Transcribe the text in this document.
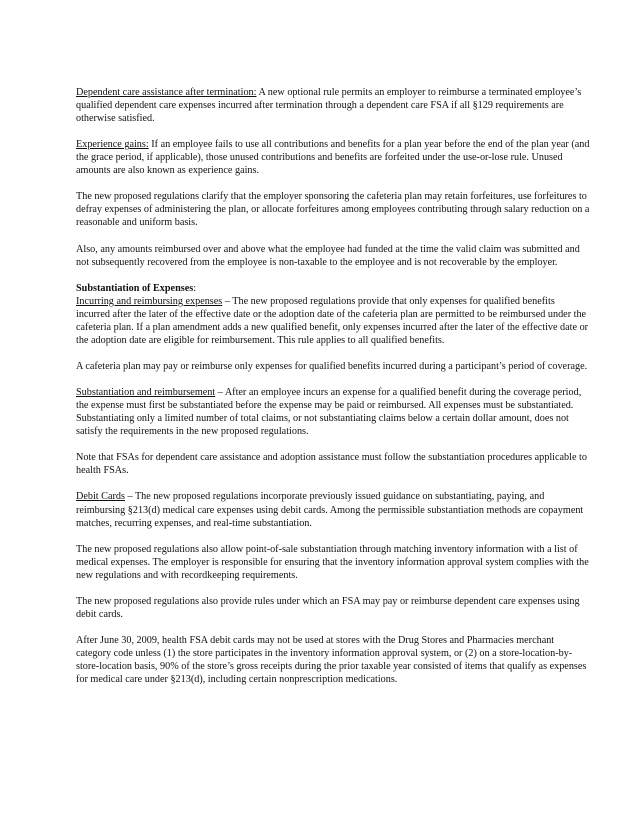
Dependent care assistance after termination: A new optional rule permits an employer to reimburse a terminated employee’s qualified dependent care expenses incurred after termination through a dependent care FSA if all §129 requirements are otherwise satisfied.

Experience gains: If an employee fails to use all contributions and benefits for a plan year before the end of the plan year (and the grace period, if applicable), those unused contributions and benefits are forfeited under the use-or-lose rule. Unused amounts are also known as experience gains.

The new proposed regulations clarify that the employer sponsoring the cafeteria plan may retain forfeitures, use forfeitures to defray expenses of administering the plan, or allocate forfeitures among employees contributing through salary reduction on a reasonable and uniform basis.

Also, any amounts reimbursed over and above what the employee had funded at the time the valid claim was submitted and not subsequently recovered from the employee is non-taxable to the employee and is not recoverable by the employer.

Substantiation of Expenses:

Incurring and reimbursing expenses – The new proposed regulations provide that only expenses for qualified benefits incurred after the later of the effective date or the adoption date of the cafeteria plan are permitted to be reimbursed under the cafeteria plan. If a plan amendment adds a new qualified benefit, only expenses incurred after the later of the effective date or the adoption date are eligible for reimbursement. This rule applies to all qualified benefits.

A cafeteria plan may pay or reimburse only expenses for qualified benefits incurred during a participant’s period of coverage.

Substantiation and reimbursement – After an employee incurs an expense for a qualified benefit during the coverage period, the expense must first be substantiated before the expense may be paid or reimbursed. All expenses must be substantiated. Substantiating only a limited number of total claims, or not substantiating claims below a certain dollar amount, does not satisfy the requirements in the new proposed regulations.

Note that FSAs for dependent care assistance and adoption assistance must follow the substantiation procedures applicable to health FSAs.

Debit Cards – The new proposed regulations incorporate previously issued guidance on substantiating, paying, and reimbursing §213(d) medical care expenses using debit cards. Among the permissible substantiation methods are copayment matches, recurring expenses, and real-time substantiation.

The new proposed regulations also allow point-of-sale substantiation through matching inventory information with a list of medical expenses. The employer is responsible for ensuring that the inventory information approval system complies with the new regulations and with recordkeeping requirements.

The new proposed regulations also provide rules under which an FSA may pay or reimburse dependent care expenses using debit cards.

After June 30, 2009, health FSA debit cards may not be used at stores with the Drug Stores and Pharmacies merchant category code unless (1) the store participates in the inventory information approval system, or (2) on a store-location-by-store-location basis, 90% of the store’s gross receipts during the prior taxable year consisted of items that qualify as expenses for medical care under §213(d), including certain nonprescription medications.
